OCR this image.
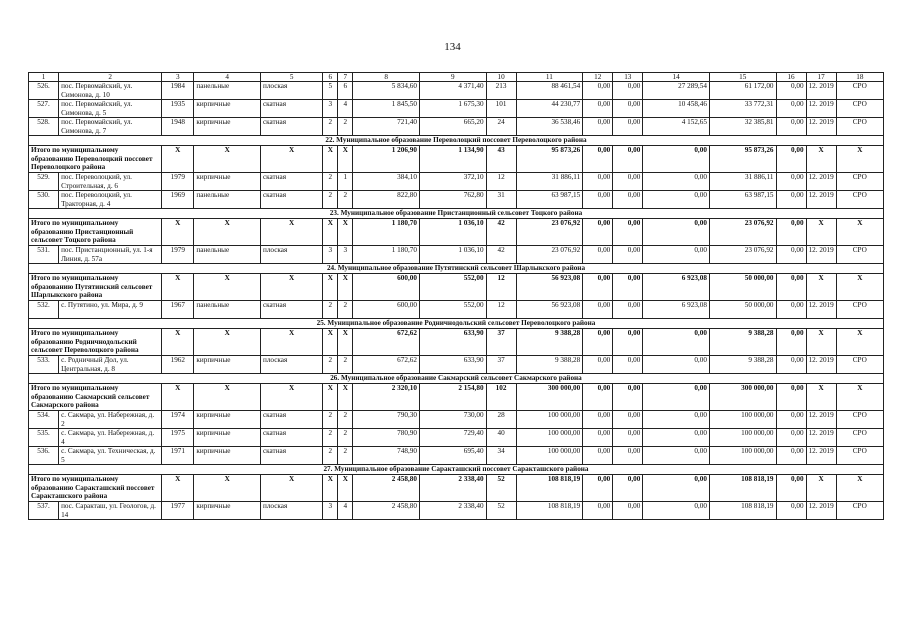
134
1	2	3	4	5	6	7	8	9	10	11	12	13	14	15	16	17	18
526.	пос. Первомайский, ул. Симонова, д. 10	1984	панельные	плоская	5	6	5 834,60	4 371,40	213	88 461,54	0,00	0,00	27 289,54	61 172,00	0,00	12. 2019	СРО
527.	пос. Первомайский, ул. Симонова, д. 5	1935	кирпичные	скатная	3	4	1 845,50	1 675,30	101	44 230,77	0,00	0,00	10 458,46	33 772,31	0,00	12. 2019	СРО
528.	пос. Первомайский, ул. Симонова, д. 7	1948	кирпичные	скатная	2	2	721,40	665,20	24	36 538,46	0,00	0,00	4 152,65	32 385,81	0,00	12. 2019	СРО
22. Муниципальное образование Переволоцкий поссовет Переволоцкого района																	
Итого по муниципальному образованию Переволоцкий поссовет Переволоцкого района		X	X	X	X	X	1 206,90	1 134,90	43	95 873,26	0,00	0,00	0,00	95 873,26	0,00	X	X
529.	пос. Переволоцкий, ул. Строительная, д. 6	1979	кирпичные	скатная	2	1	384,10	372,10	12	31 886,11	0,00	0,00	0,00	31 886,11	0,00	12. 2019	СРО
530.	пос. Переволоцкий, ул. Тракторная, д. 4	1969	панельные	скатная	2	2	822,80	762,80	31	63 987,15	0,00	0,00	0,00	63 987,15	0,00	12. 2019	СРО
23. Муниципальное образование Пристанционный сельсовет Тоцкого района																	
Итого по муниципальному образованию Пристанционный сельсовет Тоцкого района		X	X	X	X	X	1 180,70	1 036,10	42	23 076,92	0,00	0,00	0,00	23 076,92	0,00	X	X
531.	пос. Пристанционный, ул. 1-я Линия, д. 57а	1979	панельные	плоская	3	3	1 180,70	1 036,10	42	23 076,92	0,00	0,00	0,00	23 076,92	0,00	12. 2019	СРО
24. Муниципальное образование Путятинский сельсовет Шарлыкского района																	
Итого по муниципальному образованию Путятинский сельсовет Шарлыкского района		X	X	X	X	X	600,00	552,00	12	56 923,08	0,00	0,00	6 923,08	50 000,00	0,00	X	X
532.	с. Путятино, ул. Мира, д. 9	1967	панельные	скатная	2	2	600,00	552,00	12	56 923,08	0,00	0,00	6 923,08	50 000,00	0,00	12. 2019	СРО
25. Муниципальное образование Родничнодольский сельсовет Переволоцкого района																	
Итого по муниципальному образованию Родничнодольский сельсовет Переволоцкого района		X	X	X	X	X	672,62	633,90	37	9 388,28	0,00	0,00	0,00	9 388,28	0,00	X	X
533.	с. Родничный Дол, ул. Центральная, д. 8	1962	кирпичные	плоская	2	2	672,62	633,90	37	9 388,28	0,00	0,00	0,00	9 388,28	0,00	12. 2019	СРО
26. Муниципальное образование Сакмарский сельсовет Сакмарского района																	
Итого по муниципальному образованию Сакмарский сельсовет Сакмарского района		X	X	X	X	X	2 320,10	2 154,80	102	300 000,00	0,00	0,00	0,00	300 000,00	0,00	X	X
534.	с. Сакмара, ул. Набережная, д. 2	1974	кирпичные	скатная	2	2	790,30	730,00	28	100 000,00	0,00	0,00	0,00	100 000,00	0,00	12. 2019	СРО
535.	с. Сакмара, ул. Набережная, д. 4	1975	кирпичные	скатная	2	2	780,90	729,40	40	100 000,00	0,00	0,00	0,00	100 000,00	0,00	12. 2019	СРО
536.	с. Сакмара, ул. Техническая, д. 5	1971	кирпичные	скатная	2	2	748,90	695,40	34	100 000,00	0,00	0,00	0,00	100 000,00	0,00	12. 2019	СРО
27. Муниципальное образование Саракташский поссовет Саракташского района																	
Итого по муниципальному образованию Саракташский поссовет Саракташского района		X	X	X	X	X	2 458,80	2 338,40	52	108 818,19	0,00	0,00	0,00	108 818,19	0,00	X	X
537.	пос. Саракташ, ул. Геологов, д. 14	1977	кирпичные	плоская	3	4	2 458,80	2 338,40	52	108 818,19	0,00	0,00	0,00	108 818,19	0,00	12. 2019	СРО
